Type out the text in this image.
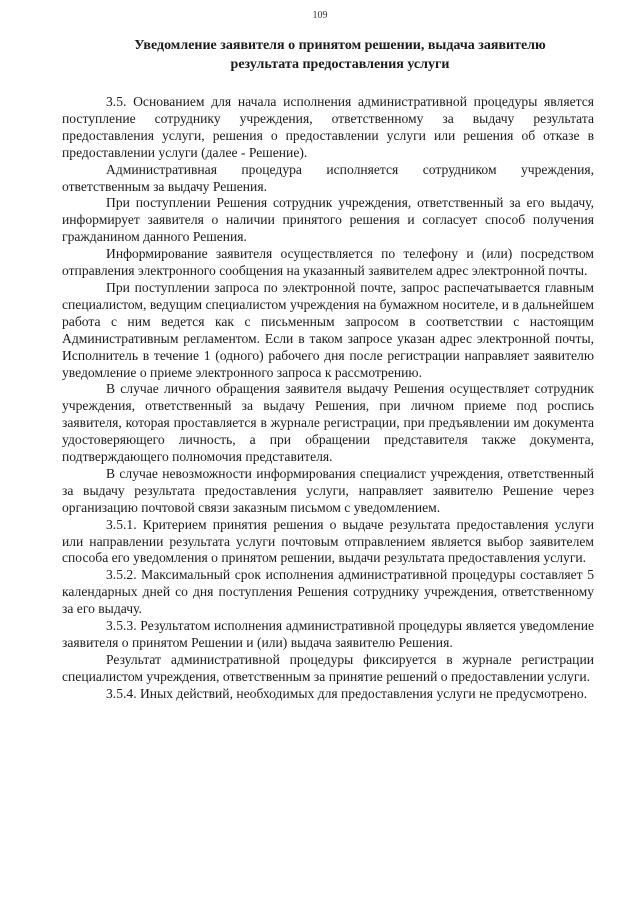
109
Уведомление заявителя о принятом решении, выдача заявителю результата предоставления услуги

3.5. Основанием для начала исполнения административной процедуры является поступление сотруднику учреждения, ответственному за выдачу результата предоставления услуги, решения о предоставлении услуги или решения об отказе в предоставлении услуги (далее - Решение).

Административная процедура исполняется сотрудником учреждения, ответственным за выдачу Решения.

При поступлении Решения сотрудник учреждения, ответственный за его выдачу, информирует заявителя о наличии принятого решения и согласует способ получения гражданином данного Решения.

Информирование заявителя осуществляется по телефону и (или) посредством отправления электронного сообщения на указанный заявителем адрес электронной почты.

При поступлении запроса по электронной почте, запрос распечатывается главным специалистом, ведущим специалистом учреждения на бумажном носителе, и в дальнейшем работа с ним ведется как с письменным запросом в соответствии с настоящим Административным регламентом. Если в таком запросе указан адрес электронной почты, Исполнитель в течение 1 (одного) рабочего дня после регистрации направляет заявителю уведомление о приеме электронного запроса к рассмотрению.

В случае личного обращения заявителя выдачу Решения осуществляет сотрудник учреждения, ответственный за выдачу Решения, при личном приеме под роспись заявителя, которая проставляется в журнале регистрации, при предъявлении им документа удостоверяющего личность, а при обращении представителя также документа, подтверждающего полномочия представителя.

В случае невозможности информирования специалист учреждения, ответственный за выдачу результата предоставления услуги, направляет заявителю Решение через организацию почтовой связи заказным письмом с уведомлением.

3.5.1. Критерием принятия решения о выдаче результата предоставления услуги или направлении результата услуги почтовым отправлением является выбор заявителем способа его уведомления о принятом решении, выдачи результата предоставления услуги.

3.5.2. Максимальный срок исполнения административной процедуры составляет 5 календарных дней со дня поступления Решения сотруднику учреждения, ответственному за его выдачу.

3.5.3. Результатом исполнения административной процедуры является уведомление заявителя о принятом Решении и (или) выдача заявителю Решения.

Результат административной процедуры фиксируется в журнале регистрации специалистом учреждения, ответственным за принятие решений о предоставлении услуги.

3.5.4. Иных действий, необходимых для предоставления услуги не предусмотрено.
